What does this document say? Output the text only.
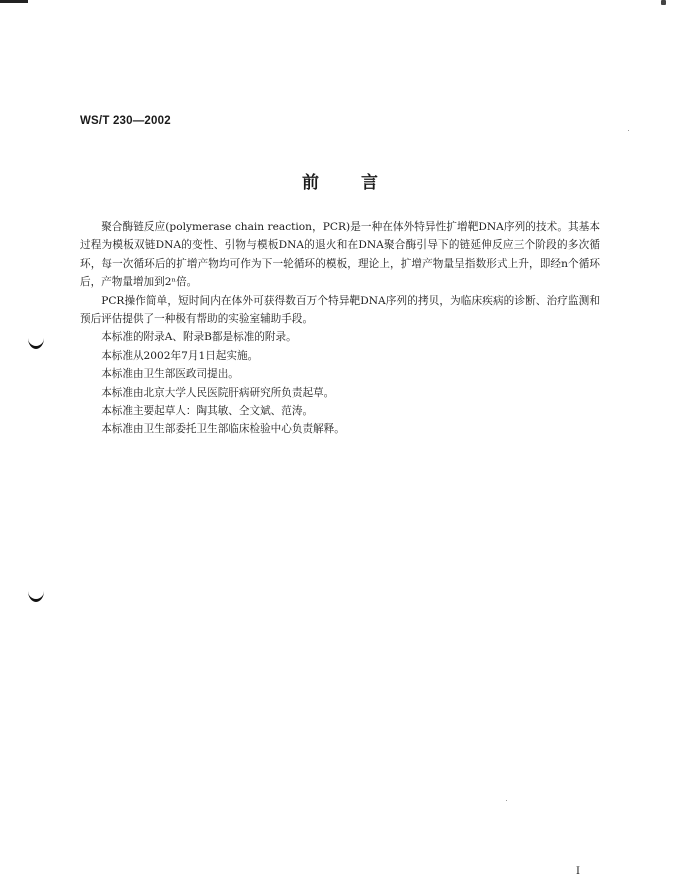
WS/T 230—2002
前言

聚合酶链反应(polymerase chain reaction，PCR)是一种在体外特异性扩增靶DNA序列的技术。其基本过程为模板双链DNA的变性、引物与模板DNA的退火和在DNA聚合酶引导下的链延伸反应三个阶段的多次循环，每一次循环后的扩增产物均可作为下一轮循环的模板，理论上，扩增产物量呈指数形式上升，即经n个循环后，产物量增加到2ⁿ倍。

PCR操作简单，短时间内在体外可获得数百万个特异靶DNA序列的拷贝，为临床疾病的诊断、治疗监测和预后评估提供了一种极有帮助的实验室辅助手段。

本标准的附录A、附录B都是标准的附录。

本标准从2002年7月1日起实施。

本标准由卫生部医政司提出。

本标准由北京大学人民医院肝病研究所负责起草。

本标准主要起草人：陶其敏、仝文斌、范涛。

本标准由卫生部委托卫生部临床检验中心负责解释。

I
